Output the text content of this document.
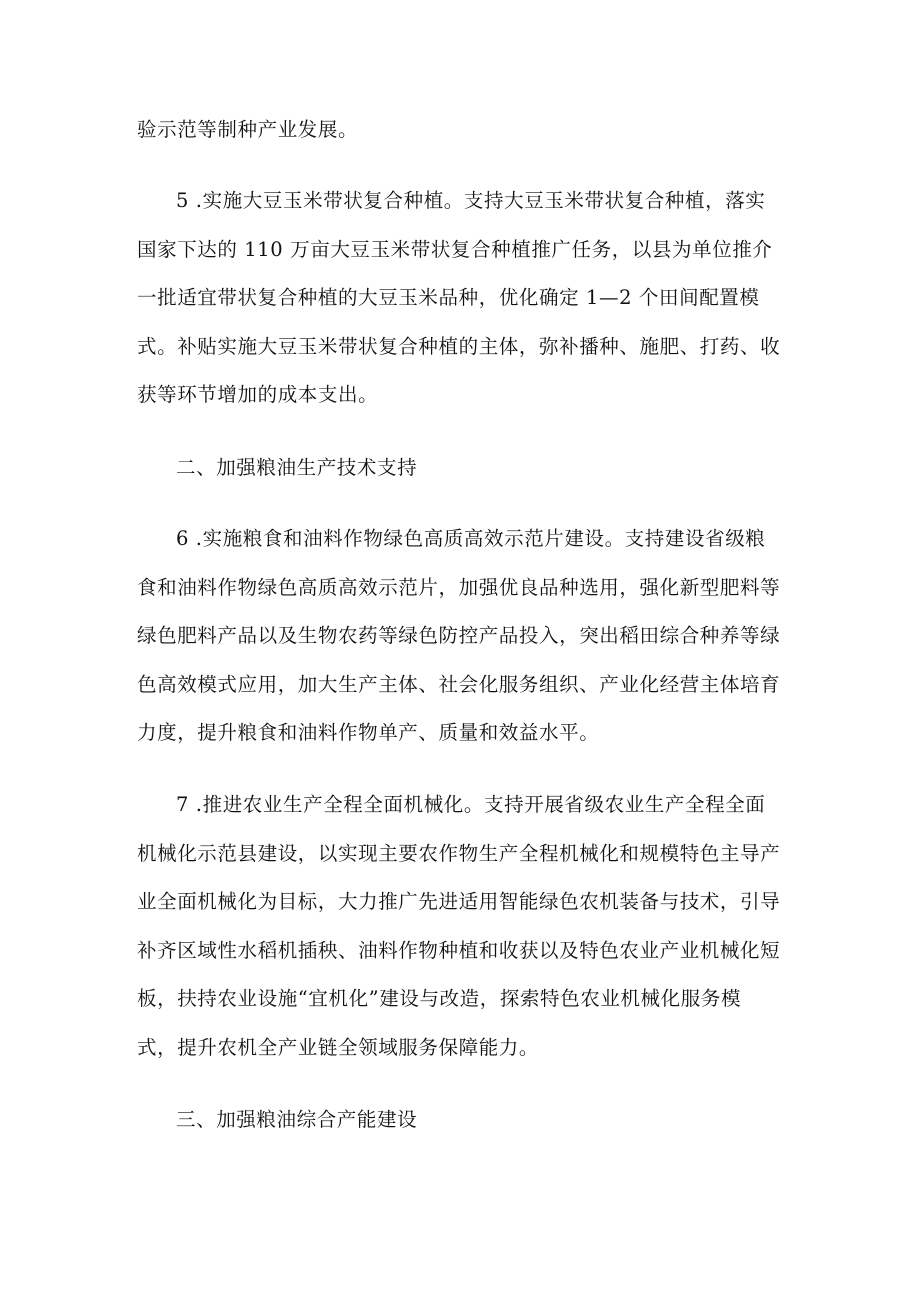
验示范等制种产业发展。
5 .实施大豆玉米带状复合种植。支持大豆玉米带状复合种植，落实
国家下达的 110 万亩大豆玉米带状复合种植推广任务，以县为单位推介
一批适宜带状复合种植的大豆玉米品种，优化确定 1—2 个田间配置模
式。补贴实施大豆玉米带状复合种植的主体，弥补播种、施肥、打药、收
获等环节增加的成本支出。
二、加强粮油生产技术支持
6 .实施粮食和油料作物绿色高质高效示范片建设。支持建设省级粮
食和油料作物绿色高质高效示范片，加强优良品种选用，强化新型肥料等
绿色肥料产品以及生物农药等绿色防控产品投入，突出稻田综合种养等绿
色高效模式应用，加大生产主体、社会化服务组织、产业化经营主体培育
力度，提升粮食和油料作物单产、质量和效益水平。
7 .推进农业生产全程全面机械化。支持开展省级农业生产全程全面
机械化示范县建设，以实现主要农作物生产全程机械化和规模特色主导产
业全面机械化为目标，大力推广先进适用智能绿色农机装备与技术，引导
补齐区域性水稻机插秧、油料作物种植和收获以及特色农业产业机械化短
板，扶持农业设施“宜机化”建设与改造，探索特色农业机械化服务模
式，提升农机全产业链全领域服务保障能力。
三、加强粮油综合产能建设
